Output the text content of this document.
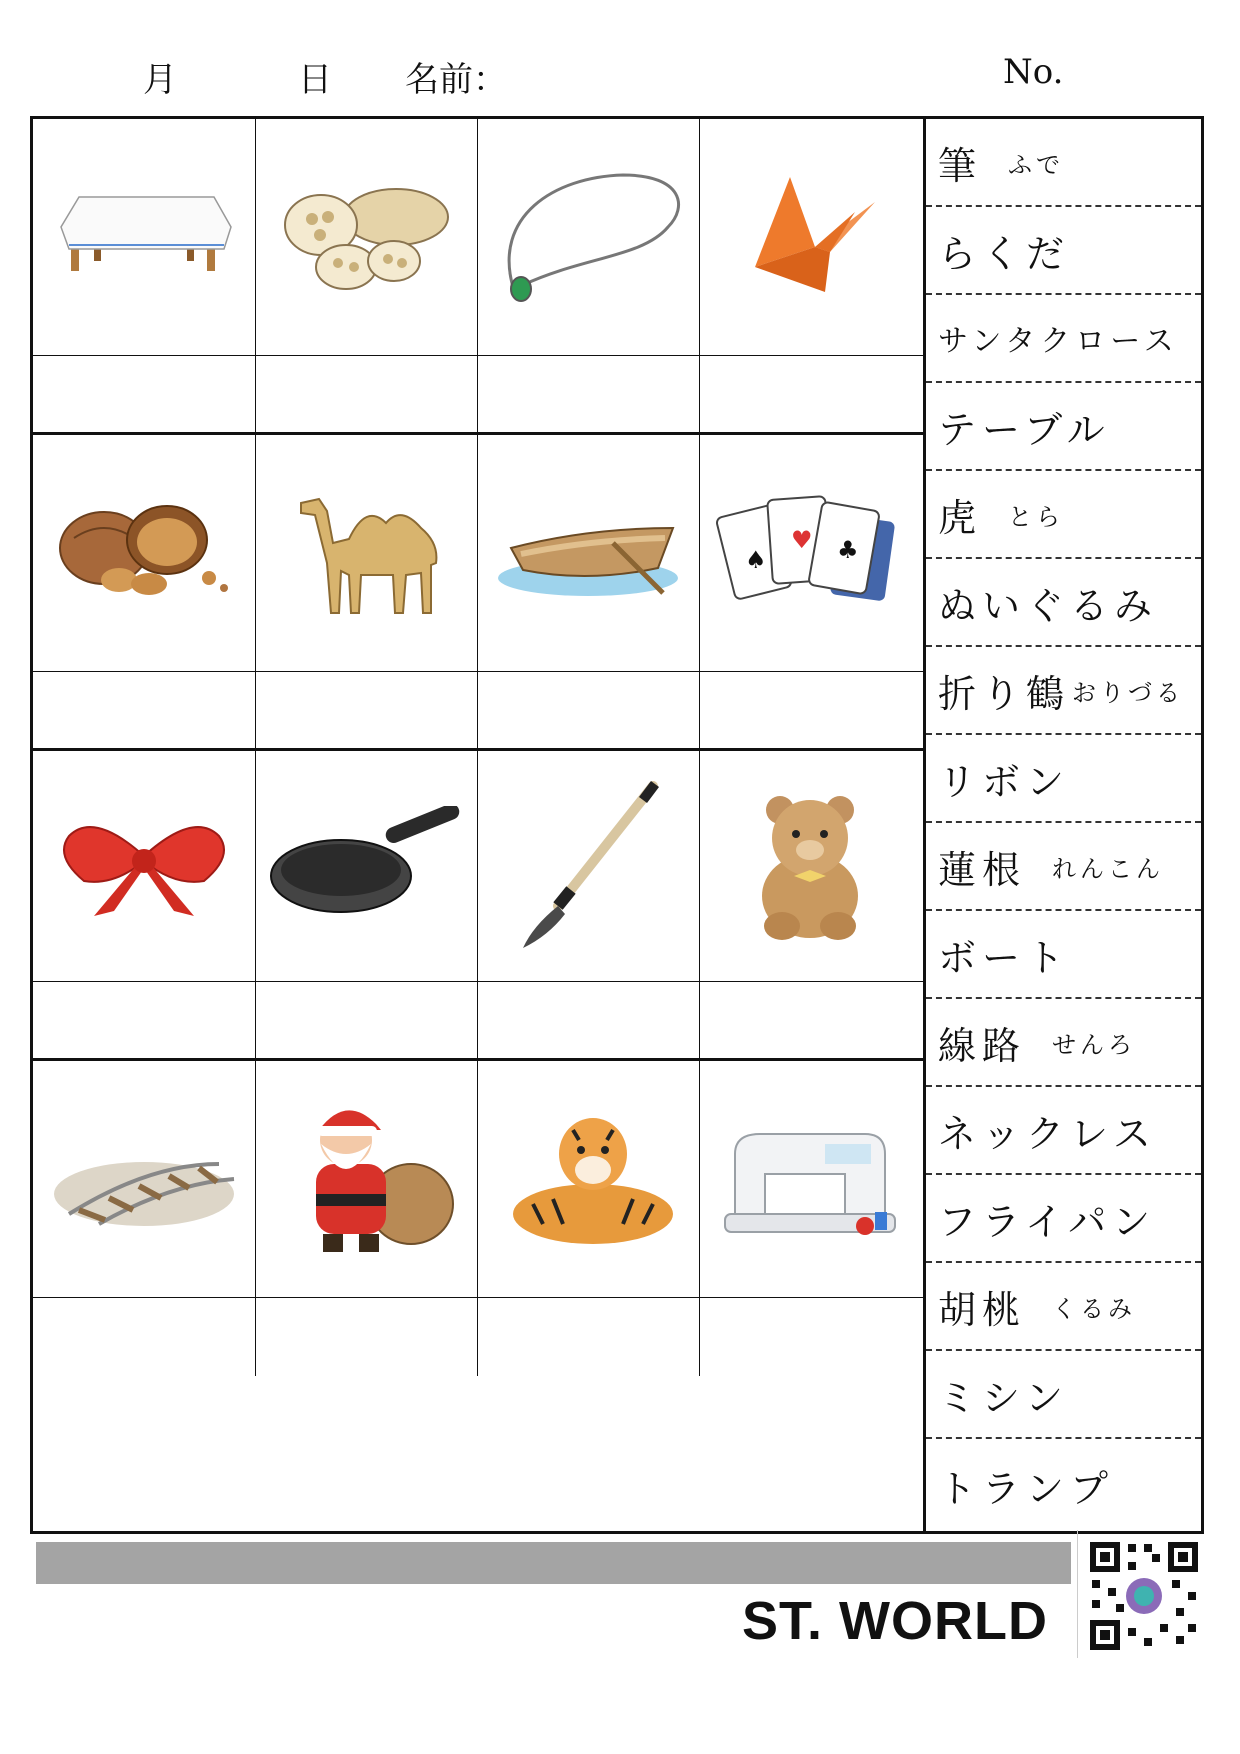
月	日 名前：	No.
♠
♥ ♣
筆 ふで
らくだ
サンタクロース
テーブル
虎 とら
ぬいぐるみ
折り鶴 おりづる
リボン
蓮根 れんこん
ボート
線路 せんろ
ネックレス
フライパン
胡桃 くるみ
ミシン
トランプ
ST. WORLD
